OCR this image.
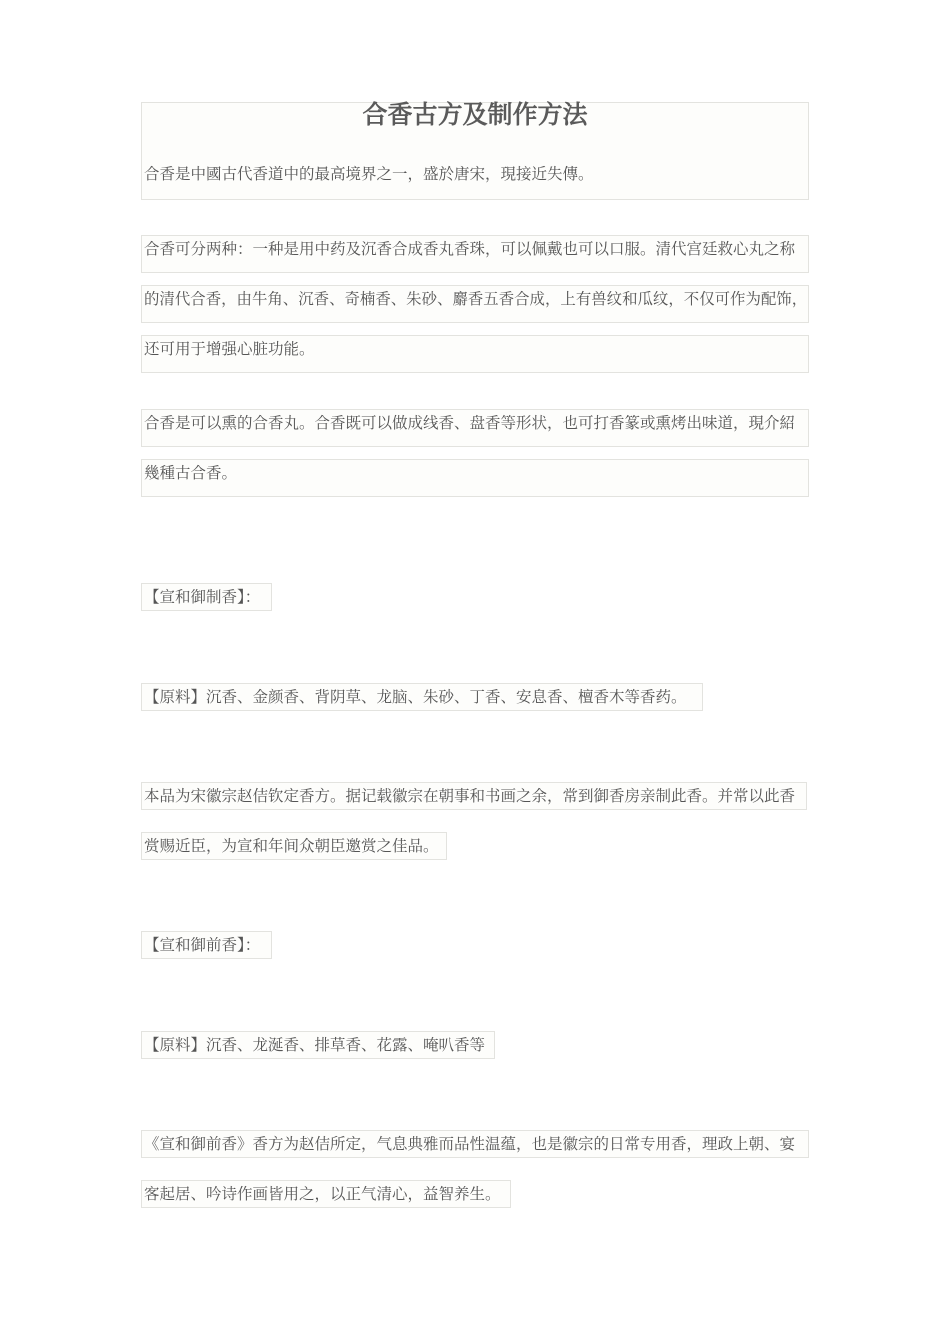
合香古方及制作方法
合香是中國古代香道中的最高境界之一，盛於唐宋，現接近失傳。
合香可分两种：一种是用中药及沉香合成香丸香珠，可以佩戴也可以口服。清代宫廷救心丸之称
的清代合香，由牛角、沉香、奇楠香、朱砂、麝香五香合成，上有兽纹和瓜纹，不仅可作为配饰，
还可用于增强心脏功能。
合香是可以熏的合香丸。合香既可以做成线香、盘香等形状，也可打香篆或熏烤出味道，現介紹
幾種古合香。
【宣和御制香】：
【原料】沉香、金颜香、背阴草、龙脑、朱砂、丁香、安息香、檀香木等香药。
本品为宋徽宗赵佶钦定香方。据记载徽宗在朝事和书画之余，常到御香房亲制此香。并常以此香
赏赐近臣，为宣和年间众朝臣邀赏之佳品。
【宣和御前香】：
【原料】沉香、龙涎香、排草香、花露、唵叭香等
《宣和御前香》香方为赵佶所定，气息典雅而品性温蕴，也是徽宗的日常专用香，理政上朝、宴
客起居、吟诗作画皆用之，以正气清心，益智养生。
